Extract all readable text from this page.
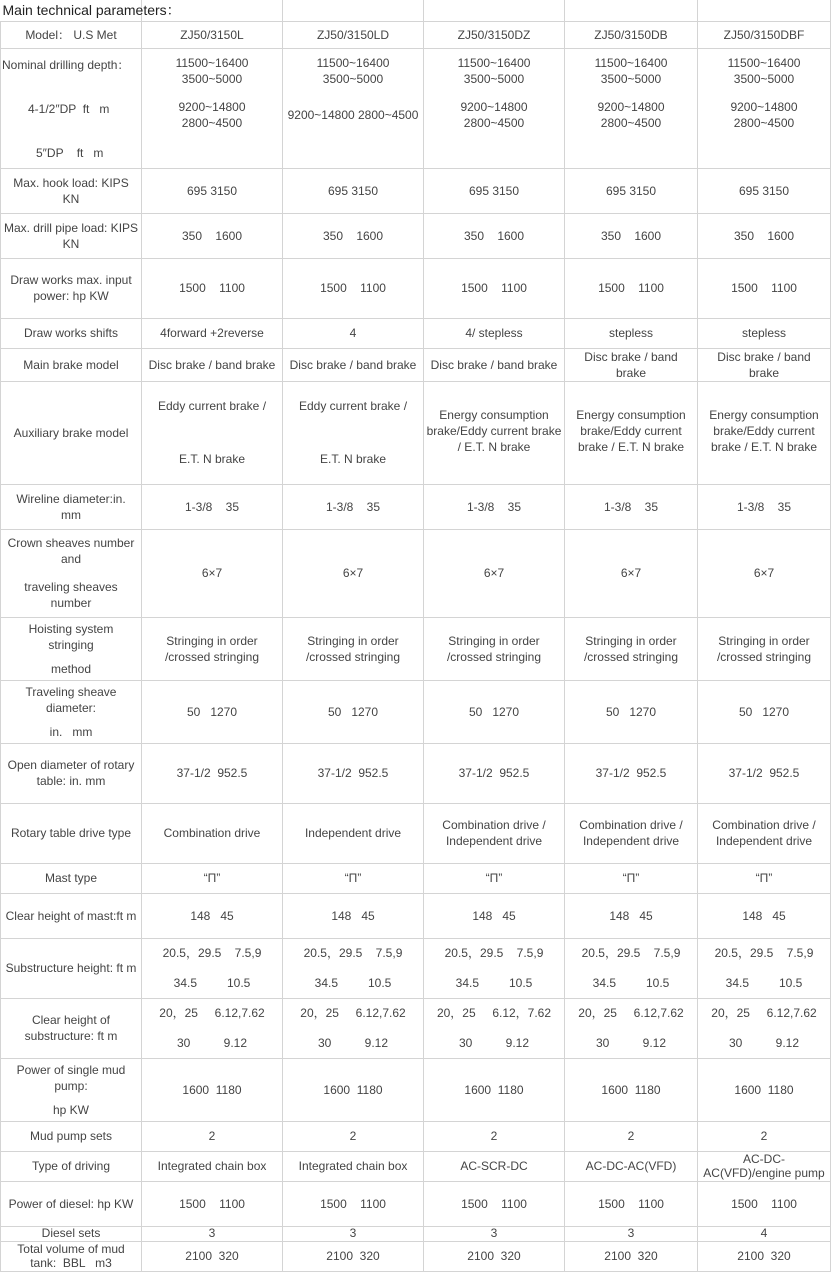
Main technical parameters：					
Model： U.S Met	ZJ50/3150L	ZJ50/3150LD	ZJ50/3150DZ	ZJ50/3150DB	ZJ50/3150DBF

Nominal drilling depth：
4-1/2″DP  ft   m
5″DP    ft   m	11500~16400
3500~5000
9200~14800
2800~4500	11500~16400
3500~5000
9200~14800 2800~4500	11500~16400
3500~5000
9200~14800
2800~4500	11500~16400
3500~5000
9200~14800
2800~4500	11500~16400
3500~5000
9200~14800
2800~4500

Max. hook load: KIPS
KN	695 3150	695 3150	695 3150	695 3150	695 3150

Max. drill pipe load: KIPS
KN	350    1600	350    1600	350    1600	350    1600	350    1600

Draw works max. input
power: hp KW	1500    1100	1500    1100	1500    1100	1500    1100	1500    1100
Draw works shifts	4forward +2reverse	4	4/ stepless	stepless	stepless
Main brake model	Disc brake / band brake	Disc brake / band brake	Disc brake / band brake	Disc brake / band
brake	Disc brake / band
brake

Auxiliary brake model	Eddy current brake /
E.T. N brake	Eddy current brake /
E.T. N brake	Energy consumption
brake/Eddy current brake
/ E.T. N brake	Energy consumption
brake/Eddy current
brake / E.T. N brake	Energy consumption
brake/Eddy current
brake / E.T. N brake

Wireline diameter:in.
mm	1-3/8    35	1-3/8    35	1-3/8    35	1-3/8    35	1-3/8    35

Crown sheaves number
and
traveling sheaves
number	6×7	6×7	6×7	6×7	6×7

Hoisting system
stringing
method	Stringing in order
/crossed stringing	Stringing in order
/crossed stringing	Stringing in order
/crossed stringing	Stringing in order
/crossed stringing	Stringing in order
/crossed stringing

Traveling sheave
diameter:
in.   mm	50   1270	50   1270	50   1270	50   1270	50   1270

Open diameter of rotary
table: in. mm	37-1/2  952.5	37-1/2  952.5	37-1/2  952.5	37-1/2  952.5	37-1/2  952.5
Rotary table drive type	Combination drive	Independent drive	Combination drive /
Independent drive	Combination drive /
Independent drive	Combination drive /
Independent drive

Mast type	“Π”	“Π”	“Π”	“Π”	“Π”
Clear height of mast:ft m	148   45	148   45	148   45	148   45	148   45
Substructure height: ft m	20.5，29.5    7.5,9
34.5         10.5	20.5，29.5    7.5,9
34.5         10.5	20.5，29.5    7.5,9
34.5         10.5	20.5，29.5    7.5,9
34.5         10.5	20.5，29.5    7.5,9
34.5         10.5

Clear height of
substructure: ft m	20，25     6.12,7.62
30          9.12	20，25     6.12,7.62
30          9.12	20，25     6.12，7.62
30          9.12	20，25     6.12,7.62
30          9.12	20，25     6.12,7.62
30          9.12

Power of single mud
pump:
hp KW	1600  1180	1600  1180	1600  1180	1600  1180	1600  1180
Mud pump sets	2	2	2	2	2
Type of driving	Integrated chain box	Integrated chain box	AC-SCR-DC	AC-DC-AC(VFD)	AC-DC-
AC(VFD)/engine pump

Power of diesel: hp KW	1500    1100	1500    1100	1500    1100	1500    1100	1500    1100
Diesel sets	3	3	3	3	4

Total volume of mud
tank:  BBL   m3	2100  320	2100  320	2100  320	2100  320	2100  320
